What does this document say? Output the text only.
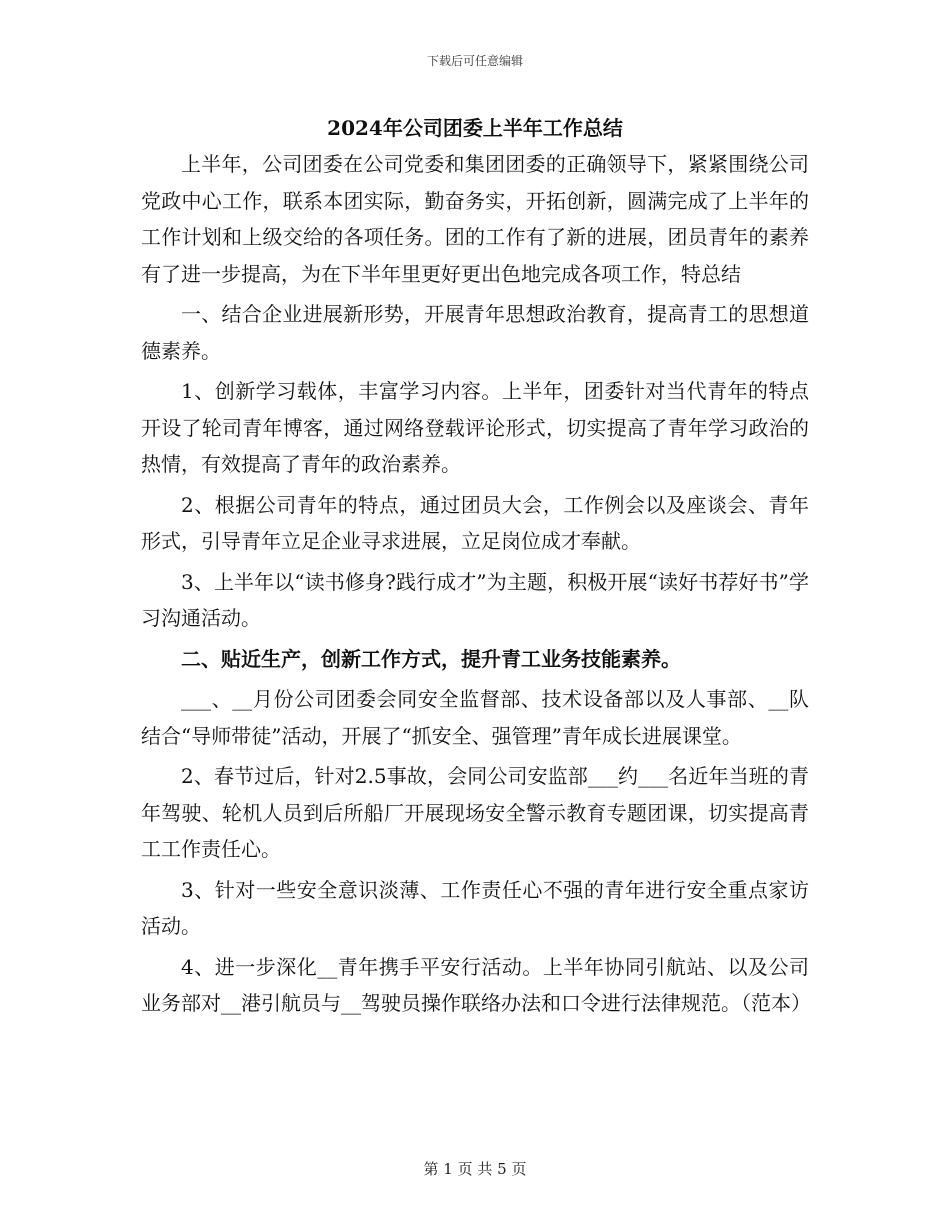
下载后可任意编辑
2024年公司团委上半年工作总结

上半年，公司团委在公司党委和集团团委的正确领导下，紧紧围绕公司党政中心工作，联系本团实际，勤奋务实，开拓创新，圆满完成了上半年的工作计划和上级交给的各项任务。团的工作有了新的进展，团员青年的素养有了进一步提高，为在下半年里更好更出色地完成各项工作，特总结

一、结合企业进展新形势，开展青年思想政治教育，提高青工的思想道德素养。

1、创新学习载体，丰富学习内容。上半年，团委针对当代青年的特点开设了轮司青年博客，通过网络登载评论形式，切实提高了青年学习政治的热情，有效提高了青年的政治素养。

2、根据公司青年的特点，通过团员大会，工作例会以及座谈会、青年形式，引导青年立足企业寻求进展，立足岗位成才奉献。

3、上半年以“读书修身?践行成才”为主题，积极开展“读好书荐好书”学习沟通活动。

二、贴近生产，创新工作方式，提升青工业务技能素养。

___、__月份公司团委会同安全监督部、技术设备部以及人事部、__队结合“导师带徒”活动，开展了“抓安全、强管理”青年成长进展课堂。

2、春节过后，针对2.5事故，会同公司安监部___约___名近年当班的青年驾驶、轮机人员到后所船厂开展现场安全警示教育专题团课，切实提高青工工作责任心。

3、针对一些安全意识淡薄、工作责任心不强的青年进行安全重点家访活动。

4、进一步深化__青年携手平安行活动。上半年协同引航站、以及公司业务部对__港引航员与__驾驶员操作联络办法和口令进行法律规范。（范本）

第 1 页 共 5 页
